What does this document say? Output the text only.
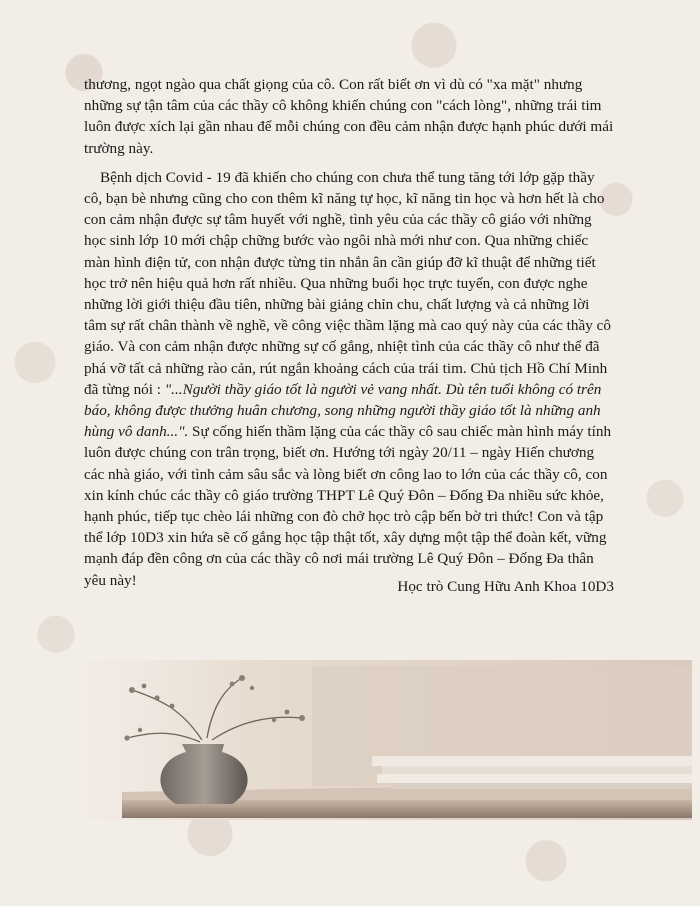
thương, ngọt ngào qua chất giọng của cô. Con rất biết ơn vì dù có "xa mặt" nhưng những sự tận tâm của các thầy cô không khiến chúng con "cách lòng", những trái tim luôn được xích lại gần nhau để mỗi chúng con đều cảm nhận được hạnh phúc dưới mái trường này.

Bệnh dịch Covid - 19 đã khiến cho chúng con chưa thể tung tăng tới lớp gặp thầy cô, bạn bè nhưng cũng cho con thêm kĩ năng tự học, kĩ năng tin học và hơn hết là cho con cảm nhận được sự tâm huyết với nghề, tình yêu của các thầy cô giáo với những học sinh lớp 10 mới chập chững bước vào ngôi nhà mới như con. Qua những chiếc màn hình điện tử, con nhận được từng tin nhắn ân cần giúp đỡ kĩ thuật để những tiết học trở nên hiệu quả hơn rất nhiều. Qua những buổi học trực tuyến, con được nghe những lời giới thiệu đầu tiên, những bài giảng chỉn chu, chất lượng và cả những lời tâm sự rất chân thành về nghề, về công việc thầm lặng mà cao quý này của các thầy cô giáo. Và con cảm nhận được những sự cố gắng, nhiệt tình của các thầy cô như thể đã phá vỡ tất cả những rào cản, rút ngắn khoảng cách của trái tim. Chủ tịch Hồ Chí Minh đã từng nói : "...Người thầy giáo tốt là người vẻ vang nhất. Dù tên tuổi không có trên báo, không được thưởng huân chương, song những người thầy giáo tốt là những anh hùng vô danh...". Sự cống hiến thầm lặng của các thầy cô sau chiếc màn hình máy tính luôn được chúng con trân trọng, biết ơn. Hướng tới ngày 20/11 – ngày Hiến chương các nhà giáo, với tình cảm sâu sắc và lòng biết ơn công lao to lớn của các thầy cô, con xin kính chúc các thầy cô giáo trường THPT Lê Quý Đôn – Đống Đa nhiều sức khỏe, hạnh phúc, tiếp tục chèo lái những con đò chở học trò cập bến bờ tri thức! Con và tập thể lớp 10D3 xin hứa sẽ cố gắng học tập thật tốt, xây dựng một tập thể đoàn kết, vững mạnh đáp đền công ơn của các thầy cô nơi mái trường Lê Quý Đôn – Đống Đa thân yêu này!	Học trò Cung Hữu Anh Khoa 10D3
